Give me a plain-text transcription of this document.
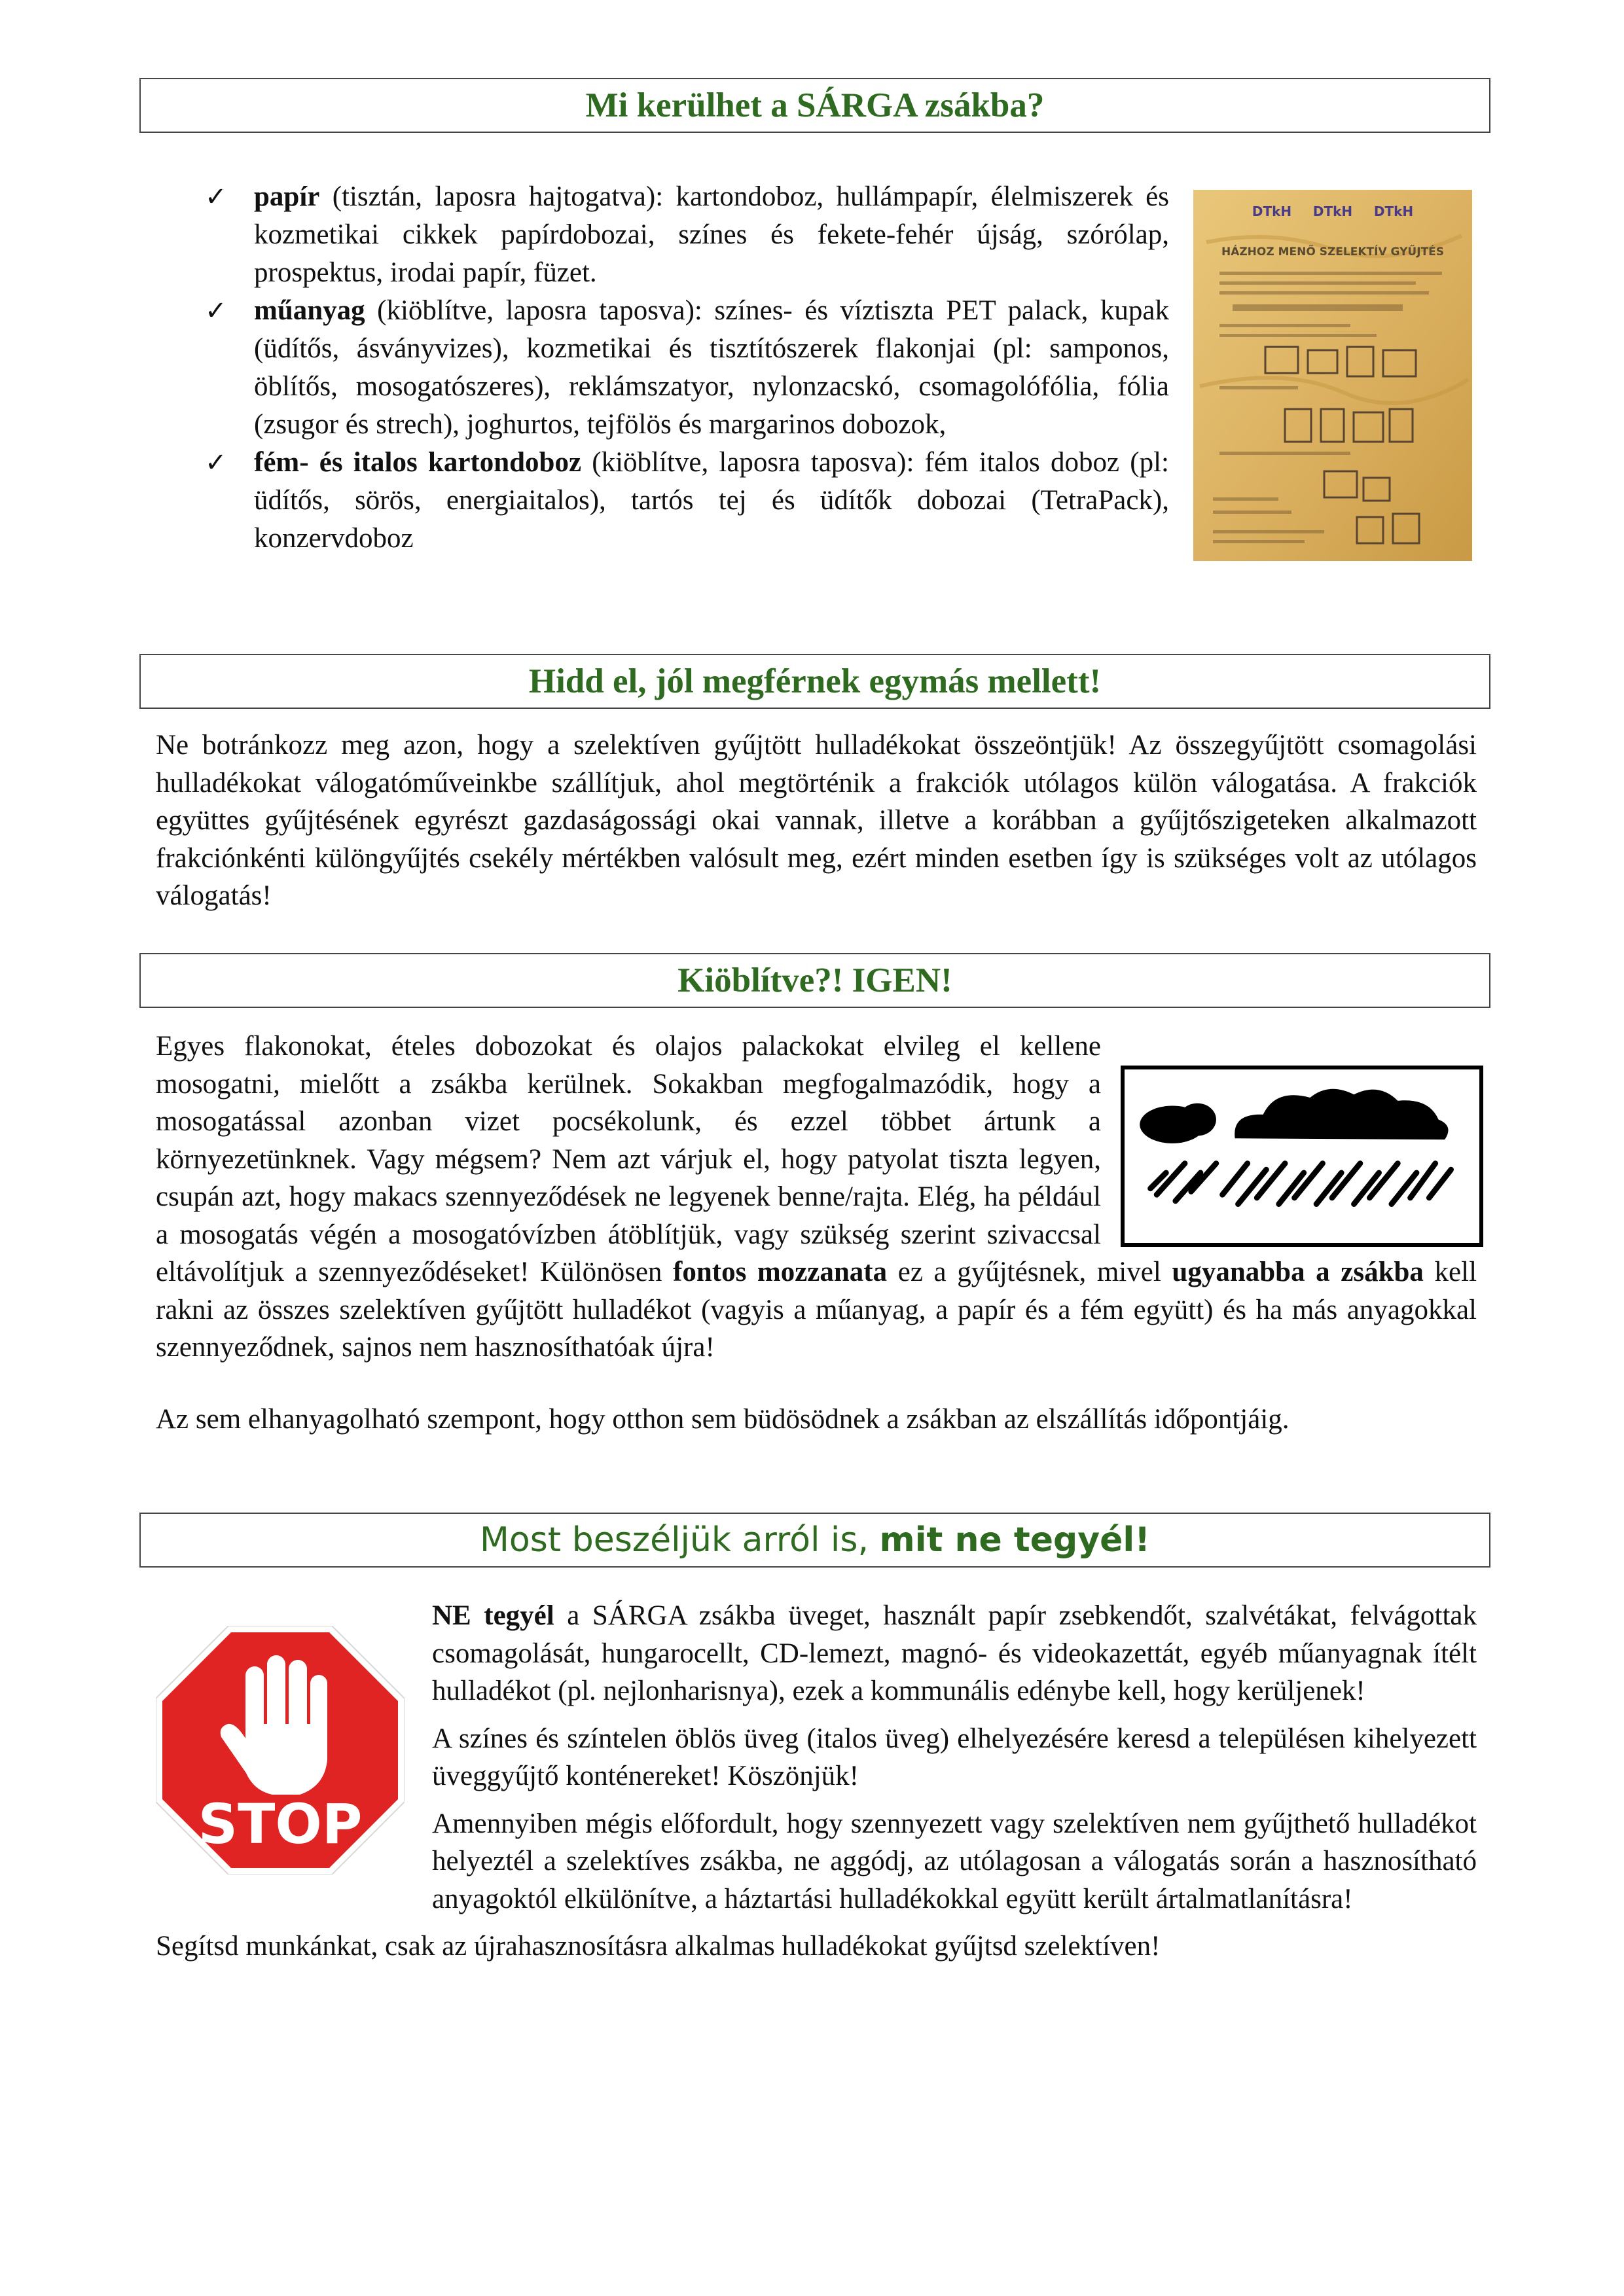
Mi kerülhet a SÁRGA zsákba?
✓ papír (tisztán, laposra hajtogatva): kartondoboz, hullámpapír, élelmiszerek és kozmetikai cikkek papírdobozai, színes és fekete-fehér újság, szórólap, prospektus, irodai papír, füzet.
✓ műanyag (kiöblítve, laposra taposva): színes- és víztiszta PET palack, kupak (üdítős, ásványvizes), kozmetikai és tisztítószerek flakonjai (pl: samponos, öblítős, mosogatószeres), reklámszatyor, nylonzacskó, csomagolófólia, fólia (zsugor és strech), joghurtos, tejfölös és margarinos dobozok,
✓ fém- és italos kartondoboz (kiöblítve, laposra taposva): fém italos doboz (pl: üdítős, sörös, energiaitalos), tartós tej és üdítők dobozai (TetraPack), konzervdoboz
DTkH DTkH DTkH
HÁZHOZ MENŐ SZELEKTÍV GYŰJTÉS
Hidd el, jól megférnek egymás mellett!
Ne botránkozz meg azon, hogy a szelektíven gyűjtött hulladékokat összeöntjük! Az összegyűjtött csomagolási hulladékokat válogatóműveinkbe szállítjuk, ahol megtörténik a frakciók utólagos külön válogatása. A frakciók együttes gyűjtésének egyrészt gazdaságossági okai vannak, illetve a korábban a gyűjtőszigeteken alkalmazott frakciónkénti különgyűjtés csekély mértékben valósult meg, ezért minden esetben így is szükséges volt az utólagos válogatás!
Kiöblítve?! IGEN!
Egyes flakonokat, ételes dobozokat és olajos palackokat elvileg el kellene mosogatni, mielőtt a zsákba kerülnek. Sokakban megfogalmazódik, hogy a mosogatással azonban vizet pocsékolunk, és ezzel többet ártunk a környezetünknek. Vagy mégsem? Nem azt várjuk el, hogy patyolat tiszta legyen, csupán azt, hogy makacs szennyeződések ne legyenek benne/rajta. Elég, ha például a mosogatás végén a mosogatóvízben átöblítjük, vagy szükség szerint szivaccsal eltávolítjuk a szennyeződéseket! Különösen fontos mozzanata ez a gyűjtésnek, mivel ugyanabba a zsákba kell rakni az összes szelektíven gyűjtött hulladékot (vagyis a műanyag, a papír és a fém együtt) és ha más anyagokkal szennyeződnek, sajnos nem hasznosíthatóak újra!
Az sem elhanyagolható szempont, hogy otthon sem büdösödnek a zsákban az elszállítás időpontjáig.
Most beszéljük arról is, mit ne tegyél!
STOP
NE tegyél a SÁRGA zsákba üveget, használt papír zsebkendőt, szalvétákat, felvágottak csomagolását, hungarocellt, CD-lemezt, magnó- és videokazettát, egyéb műanyagnak ítélt hulladékot (pl. nejlonharisnya), ezek a kommunális edénybe kell, hogy kerüljenek!
A színes és színtelen öblös üveg (italos üveg) elhelyezésére keresd a településen kihelyezett üveggyűjtő konténereket! Köszönjük!
Amennyiben mégis előfordult, hogy szennyezett vagy szelektíven nem gyűjthető hulladékot helyeztél a szelektíves zsákba, ne aggódj, az utólagosan a válogatás során a hasznosítható anyagoktól elkülönítve, a háztartási hulladékokkal együtt került ártalmatlanításra!
Segítsd munkánkat, csak az újrahasznosításra alkalmas hulladékokat gyűjtsd szelektíven!
